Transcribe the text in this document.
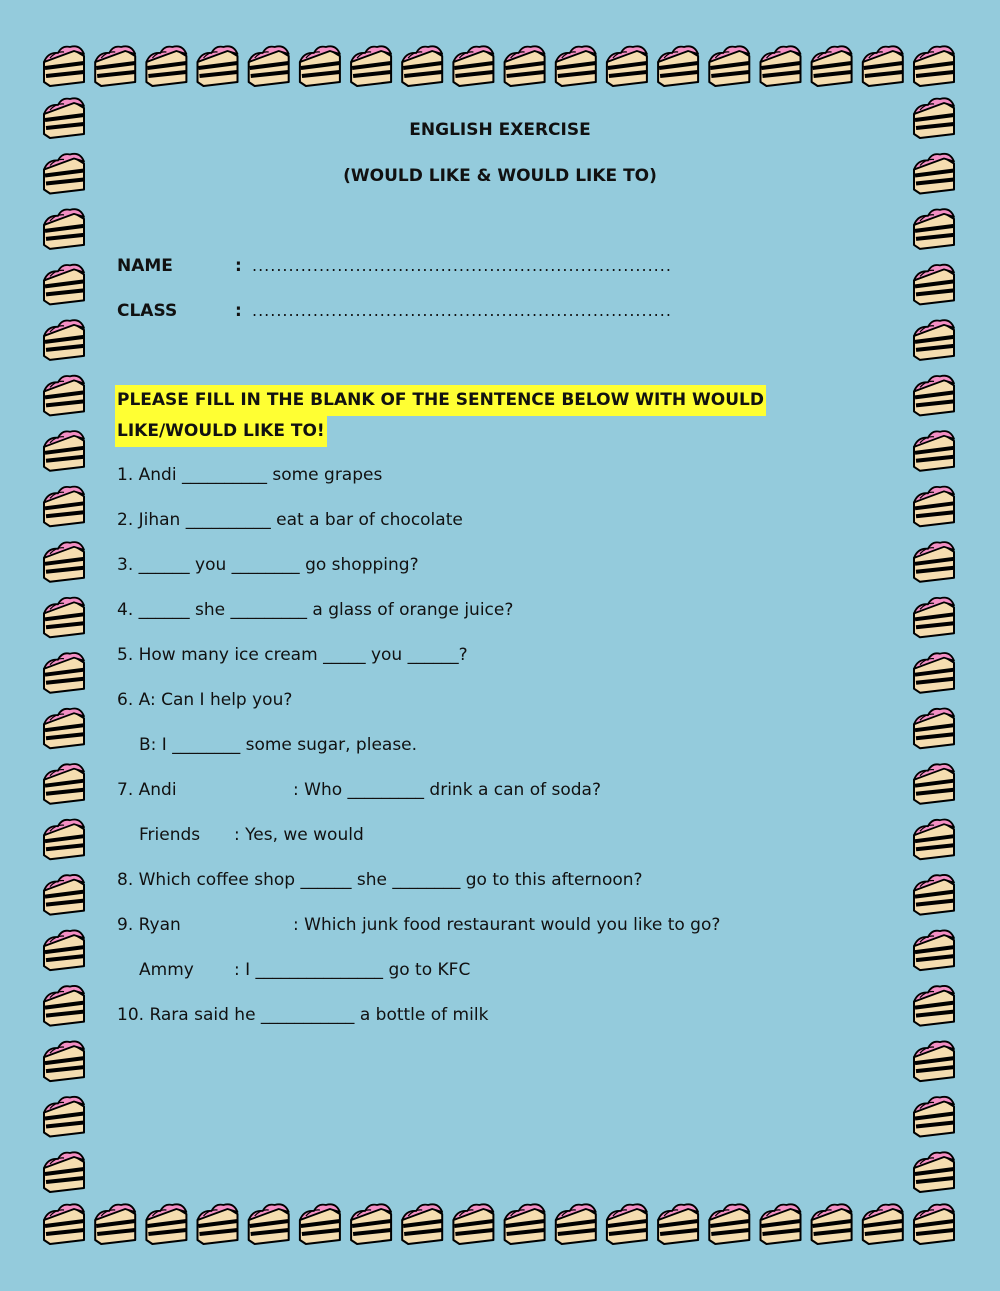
ENGLISH EXERCISE
(WOULD LIKE & WOULD LIKE TO)
NAME	: .....................................................................
CLASS	: .....................................................................
PLEASE FILL IN THE BLANK OF THE SENTENCE BELOW WITH WOULD
LIKE/WOULD LIKE TO!
1. Andi __________ some grapes
2. Jihan __________ eat a bar of chocolate
3. ______ you ________ go shopping?
4. ______ she _________ a glass of orange juice?
5. How many ice cream _____ you ______?
6. A: Can I help you?
B: I ________ some sugar, please.
7. Andi	: Who _________ drink a can of soda?
Friends : Yes, we would
8. Which coffee shop ______ she ________ go to this afternoon?
9. Ryan	: Which junk food restaurant would you like to go?
Ammy : I _______________ go to KFC
10. Rara said he ___________ a bottle of milk
